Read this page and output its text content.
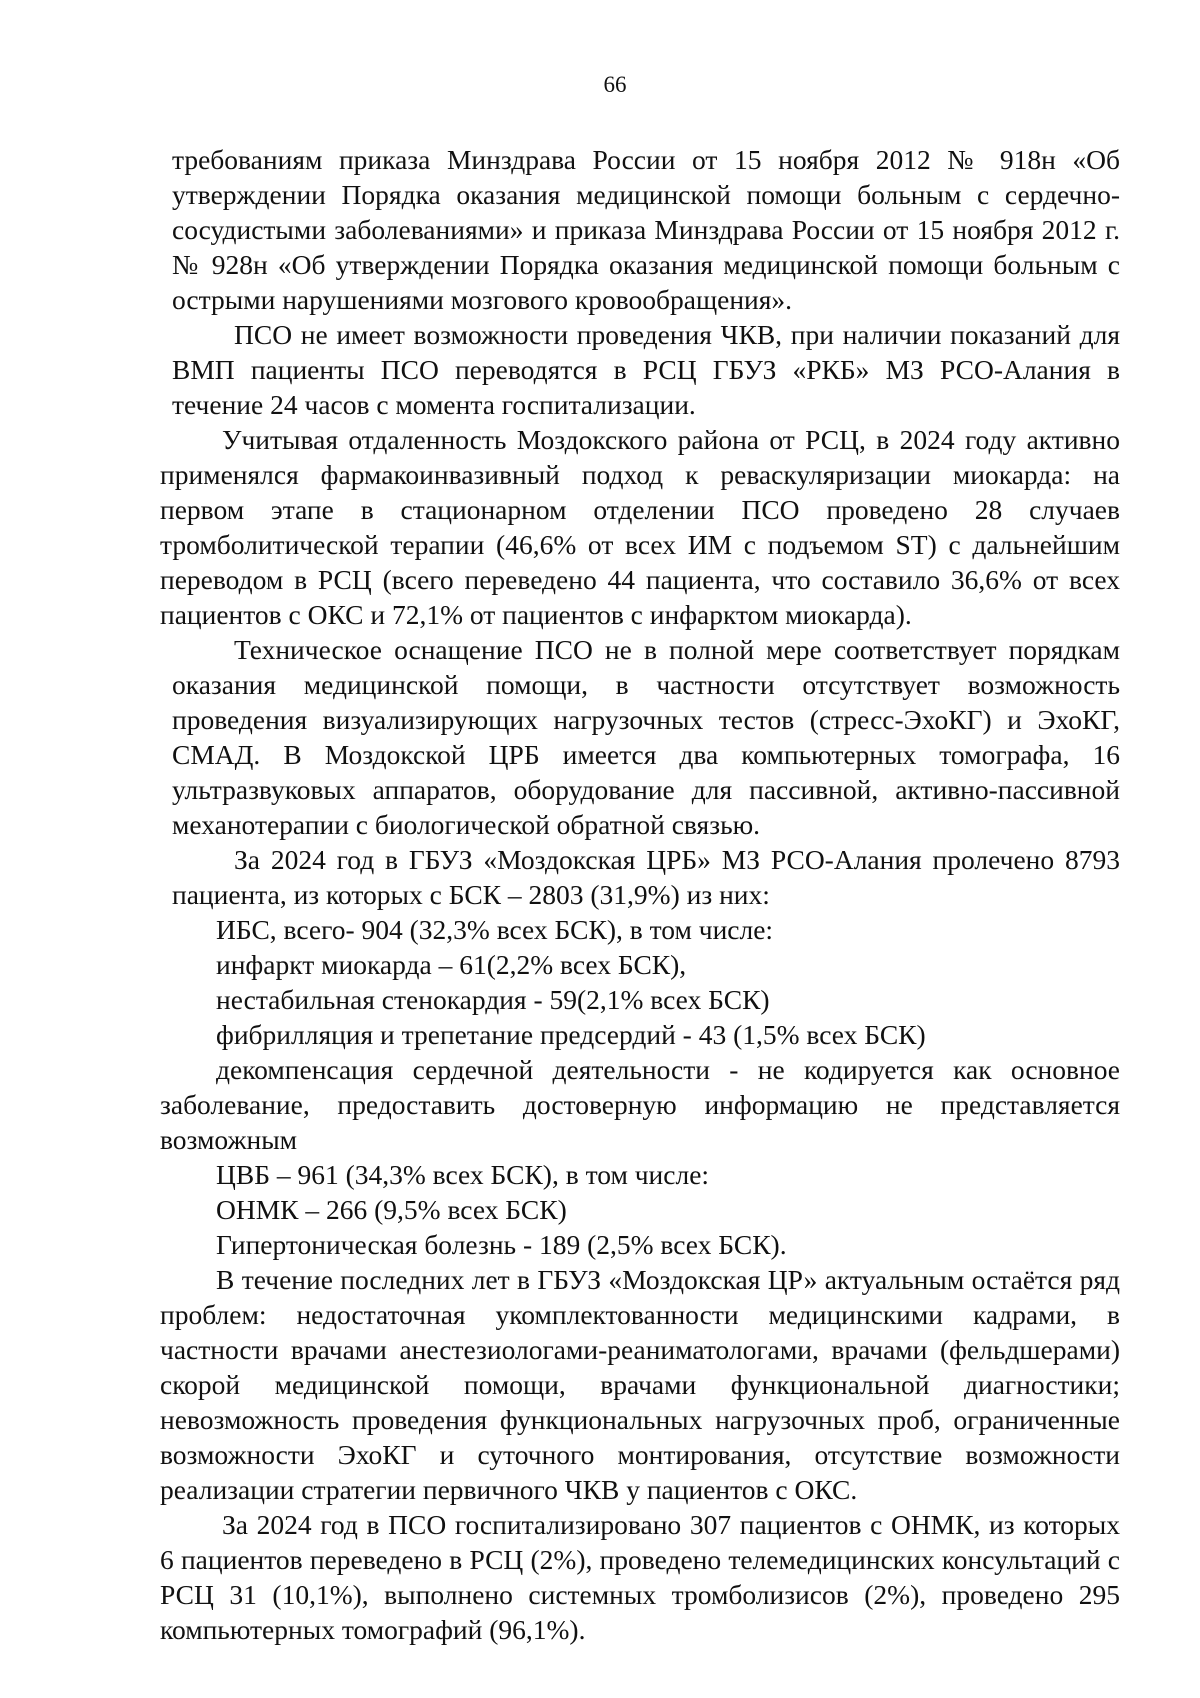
66

требованиям приказа Минздрава России от 15 ноября 2012 № 918н «Об утверждении Порядка оказания медицинской помощи больным с сердечно-сосудистыми заболеваниями» и приказа Минздрава России от 15 ноября 2012 г. № 928н «Об утверждении Порядка оказания медицинской помощи больным с острыми нарушениями мозгового кровообращения».

ПСО не имеет возможности проведения ЧКВ, при наличии показаний для ВМП пациенты ПСО переводятся в РСЦ ГБУЗ «РКБ» МЗ РСО-Алания в течение 24 часов с момента госпитализации.

Учитывая отдаленность Моздокского района от РСЦ, в 2024 году активно применялся фармакоинвазивный подход к реваскуляризации миокарда: на первом этапе в стационарном отделении ПСО проведено 28 случаев тромболитической терапии (46,6% от всех ИМ с подъемом ST) с дальнейшим переводом в РСЦ (всего переведено 44 пациента, что составило 36,6% от всех пациентов с ОКС и 72,1% от пациентов с инфарктом миокарда).

Техническое оснащение ПСО не в полной мере соответствует порядкам оказания медицинской помощи, в частности отсутствует возможность проведения визуализирующих нагрузочных тестов (стресс-ЭхоКГ) и ЭхоКГ, СМАД. В Моздокской ЦРБ имеется два компьютерных томографа, 16 ультразвуковых аппаратов, оборудование для пассивной, активно-пассивной механотерапии с биологической обратной связью.

За 2024 год в ГБУЗ «Моздокская ЦРБ» МЗ РСО-Алания пролечено 8793 пациента, из которых с БСК – 2803 (31,9%) из них:

ИБС, всего- 904 (32,3% всех БСК), в том числе:

инфаркт миокарда – 61(2,2% всех БСК),

нестабильная стенокардия - 59(2,1% всех БСК)

фибрилляция и трепетание предсердий - 43 (1,5% всех БСК)

декомпенсация сердечной деятельности - не кодируется как основное заболевание, предоставить достоверную информацию не представляется возможным

ЦВБ – 961 (34,3% всех БСК), в том числе:

ОНМК – 266 (9,5% всех БСК)

Гипертоническая болезнь - 189 (2,5% всех БСК).

В течение последних лет в ГБУЗ «Моздокская ЦР» актуальным остаётся ряд проблем: недостаточная укомплектованности медицинскими кадрами, в частности врачами анестезиологами-реаниматологами, врачами (фельдшерами) скорой медицинской помощи, врачами функциональной диагностики; невозможность проведения функциональных нагрузочных проб, ограниченные возможности ЭхоКГ и суточного монтирования, отсутствие возможности реализации стратегии первичного ЧКВ у пациентов с ОКС.

За 2024 год в ПСО госпитализировано 307 пациентов с ОНМК, из которых 6 пациентов переведено в РСЦ (2%), проведено телемедицинских консультаций с РСЦ 31 (10,1%), выполнено системных тромболизисов (2%), проведено 295 компьютерных томографий (96,1%).
